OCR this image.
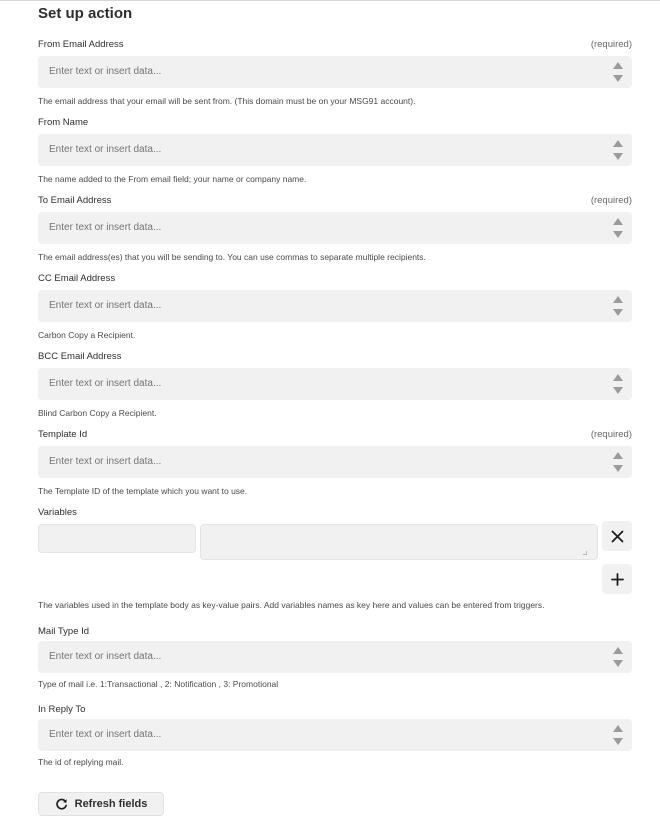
Set up action
From Email Address	(required)
Enter text or insert data...
The email address that your email will be sent from. (This domain must be on your MSG91 account).
From Name
Enter text or insert data...
The name added to the From email field; your name or company name.
To Email Address	(required)
Enter text or insert data...
The email address(es) that you will be sending to. You can use commas to separate multiple recipients.
CC Email Address
Enter text or insert data...
Carbon Copy a Recipient.
BCC Email Address
Enter text or insert data...
Blind Carbon Copy a Recipient.
Template Id	(required)
Enter text or insert data...
The Template ID of the template which you want to use.
Variables
The variables used in the template body as key-value pairs. Add variables names as key here and values can be entered from triggers.
Mail Type Id
Enter text or insert data...
Type of mail i.e. 1:Transactional , 2: Notification , 3: Promotional
In Reply To
Enter text or insert data...
The id of replying mail.
Refresh fields
